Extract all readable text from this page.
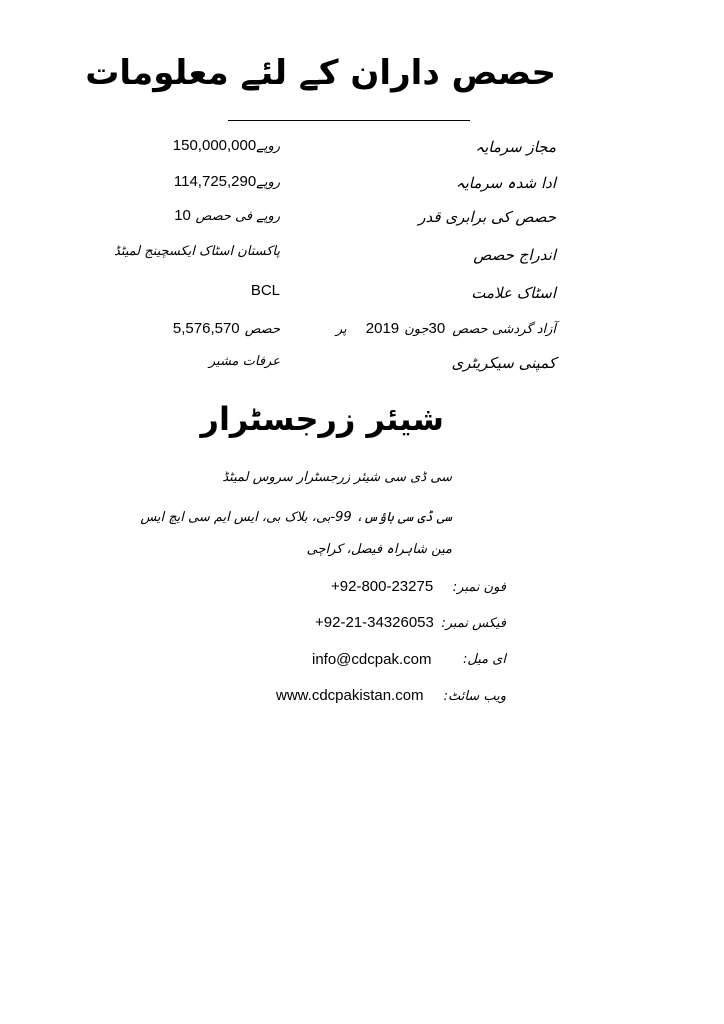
حصص داران کے لئے معلومات
مجاز سرمایہ
روپے150,000,000
ادا شدہ سرمایہ
روپے114,725,290
حصص کی برابری قدر
روپے فی حصص 10
اندراج حصص
پاکستان اسٹاک ایکسچینج لمیٹڈ
اسٹاک علامت
BCL
آزاد گردشی حصص 30جون 2019 پر
حصص 5,576,570
کمپنی سیکریٹری
عرفات مشیر
شیئر زرجسٹرار
سی ڈی سی شیئر زرجسٹرار سروس لمیٹڈ
سی ڈی سی ہاؤس، 99-بی، بلاک بی، ایس ایم سی ایچ ایس
مین شاہراہ فیصل، کراچی
فون نمبر:
+92-800-23275
فیکس نمبر:
+92-21-34326053
ای میل:
info@cdcpak.com
ویب سائٹ:
www.cdcpakistan.com
